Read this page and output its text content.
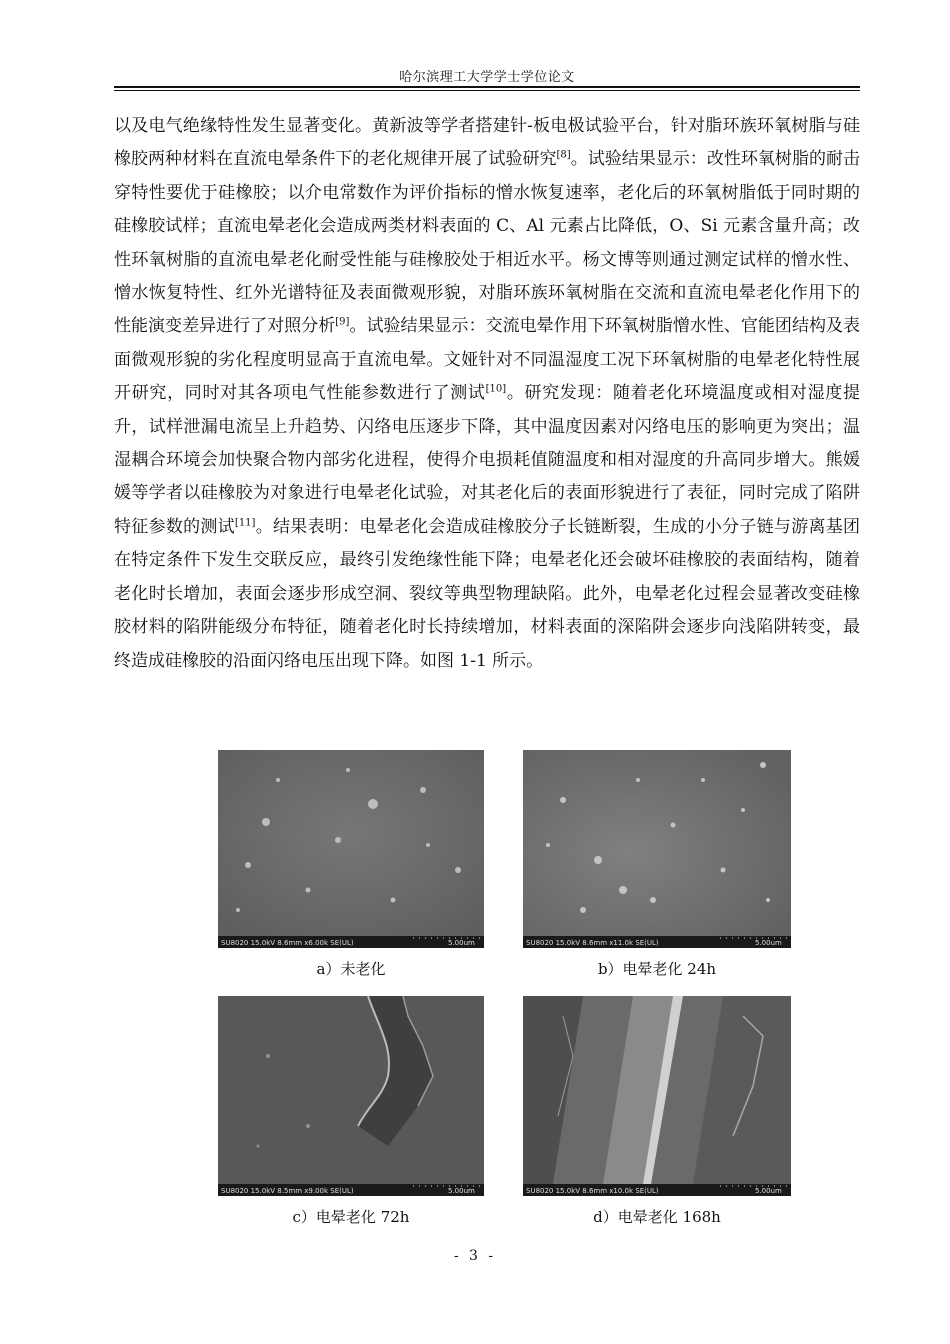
哈尔滨理工大学学士学位论文
以及电气绝缘特性发生显著变化。黄新波等学者搭建针-板电极试验平台，针对脂环族环氧树脂与硅橡胶两种材料在直流电晕条件下的老化规律开展了试验研究[8]。试验结果显示：改性环氧树脂的耐击穿特性要优于硅橡胶；以介电常数作为评价指标的憎水恢复速率，老化后的环氧树脂低于同时期的硅橡胶试样；直流电晕老化会造成两类材料表面的 C、Al 元素占比降低，O、Si 元素含量升高；改性环氧树脂的直流电晕老化耐受性能与硅橡胶处于相近水平。杨文博等则通过测定试样的憎水性、憎水恢复特性、红外光谱特征及表面微观形貌，对脂环族环氧树脂在交流和直流电晕老化作用下的性能演变差异进行了对照分析[9]。试验结果显示：交流电晕作用下环氧树脂憎水性、官能团结构及表面微观形貌的劣化程度明显高于直流电晕。文娅针对不同温湿度工况下环氧树脂的电晕老化特性展开研究，同时对其各项电气性能参数进行了测试[10]。研究发现：随着老化环境温度或相对湿度提升，试样泄漏电流呈上升趋势、闪络电压逐步下降，其中温度因素对闪络电压的影响更为突出；温湿耦合环境会加快聚合物内部劣化进程，使得介电损耗值随温度和相对湿度的升高同步增大。熊媛媛等学者以硅橡胶为对象进行电晕老化试验，对其老化后的表面形貌进行了表征，同时完成了陷阱特征参数的测试[11]。结果表明：电晕老化会造成硅橡胶分子长链断裂，生成的小分子链与游离基团在特定条件下发生交联反应，最终引发绝缘性能下降；电晕老化还会破坏硅橡胶的表面结构，随着老化时长增加，表面会逐步形成空洞、裂纹等典型物理缺陷。此外，电晕老化过程会显著改变硅橡胶材料的陷阱能级分布特征，随着老化时长持续增加，材料表面的深陷阱会逐步向浅陷阱转变，最终造成硅橡胶的沿面闪络电压出现下降。如图 1-1 所示。
SU8020 15.0kV 8.6mm x6.00k SE(UL)	5.00um
a）未老化
SU8020 15.0kV 8.6mm x11.0k SE(UL)	5.00um
b）电晕老化 24h
SU8020 15.0kV 8.5mm x9.00k SE(UL)	5.00um
c）电晕老化 72h
SU8020 15.0kV 8.6mm x10.0k SE(UL)	5.00um
d）电晕老化 168h
- 3 -
